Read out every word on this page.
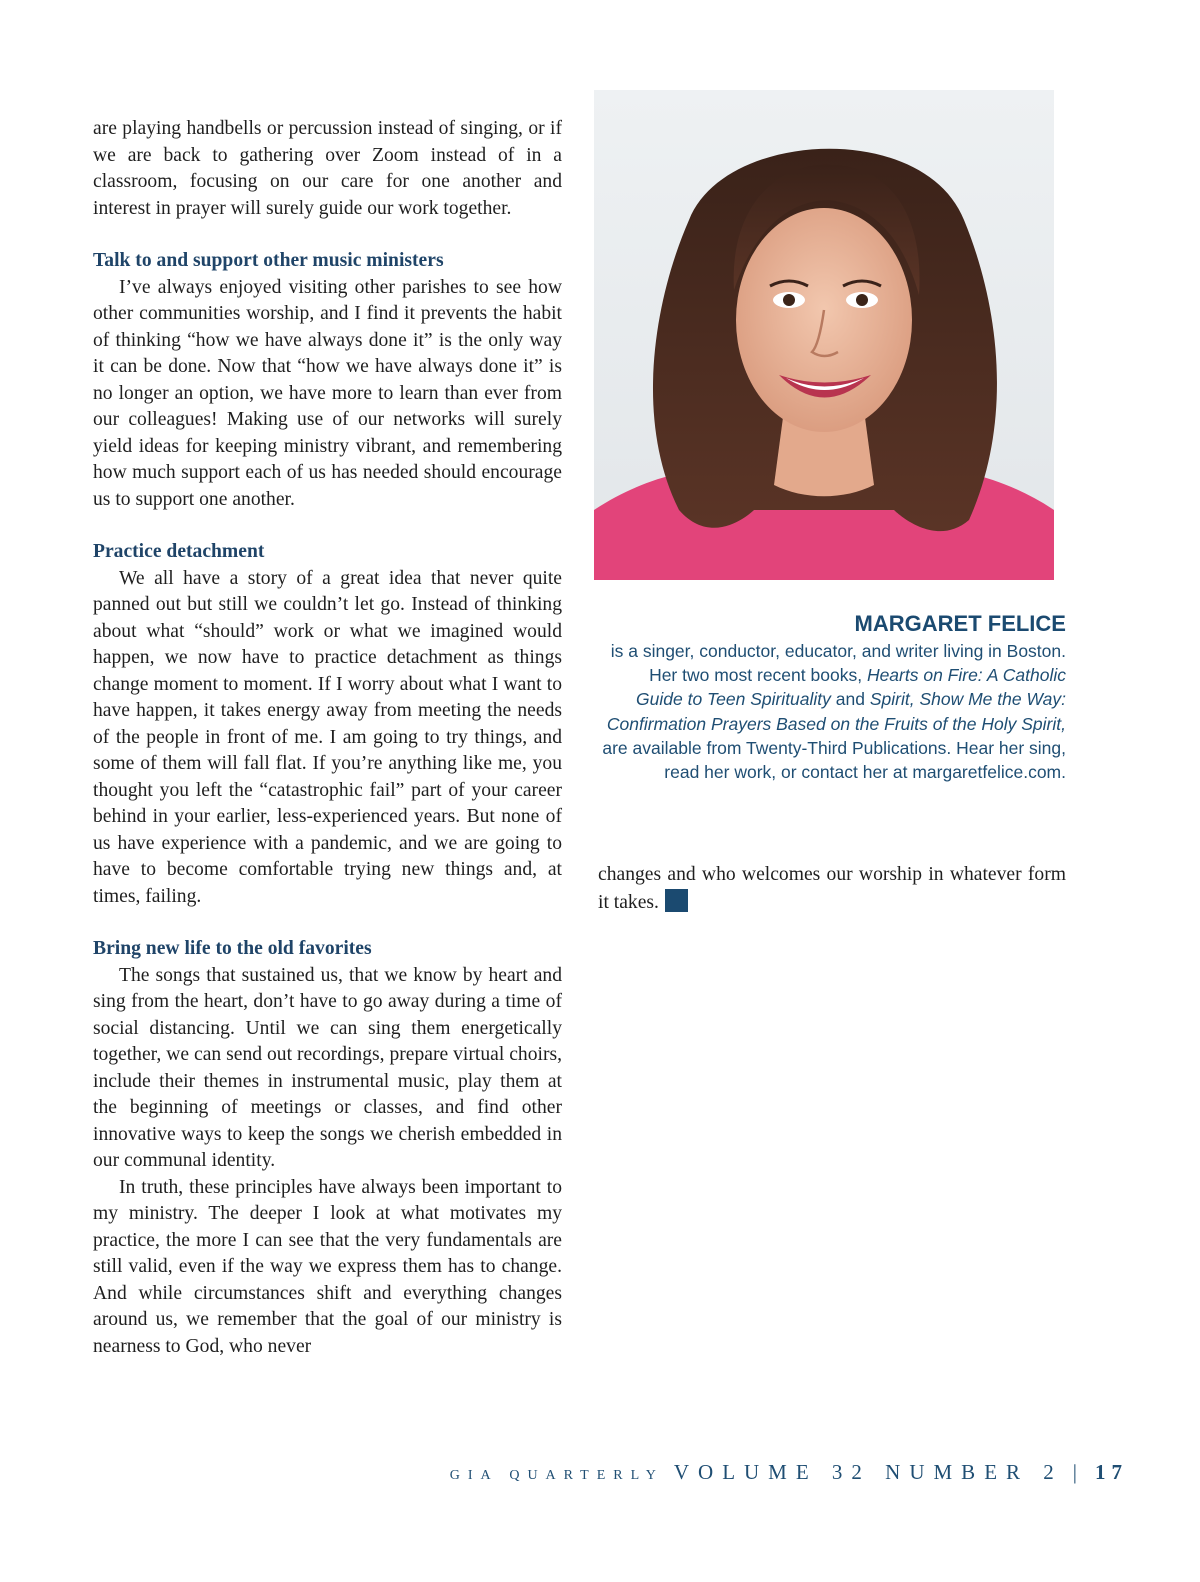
are playing handbells or percussion instead of singing, or if we are back to gathering over Zoom instead of in a classroom, focusing on our care for one another and interest in prayer will surely guide our work together.

Talk to and support other music ministers

I’ve always enjoyed visiting other parishes to see how other communities worship, and I find it prevents the habit of thinking “how we have always done it” is the only way it can be done. Now that “how we have always done it” is no longer an option, we have more to learn than ever from our colleagues! Making use of our networks will surely yield ideas for keeping ministry vibrant, and remembering how much support each of us has needed should encourage us to support one another.

Practice detachment

We all have a story of a great idea that never quite panned out but still we couldn’t let go. Instead of thinking about what “should” work or what we imagined would happen, we now have to practice detachment as things change moment to moment. If I worry about what I want to have happen, it takes energy away from meeting the needs of the people in front of me. I am going to try things, and some of them will fall flat. If you’re anything like me, you thought you left the “catastrophic fail” part of your career behind in your earlier, less-experienced years. But none of us have experience with a pandemic, and we are going to have to become comfortable trying new things and, at times, failing.

Bring new life to the old favorites

The songs that sustained us, that we know by heart and sing from the heart, don’t have to go away during a time of social distancing. Until we can sing them energetically together, we can send out recordings, prepare virtual choirs, include their themes in instrumental music, play them at the beginning of meetings or classes, and find other innovative ways to keep the songs we cherish embedded in our communal identity.

In truth, these principles have always been important to my ministry. The deeper I look at what motivates my practice, the more I can see that the very fundamentals are still valid, even if the way we express them has to change. And while circumstances shift and everything changes around us, we remember that the goal of our ministry is nearness to God, who never

MARGARET FELICE
is a singer, conductor, educator, and writer living in Boston. Her two most recent books, Hearts on Fire: A Catholic Guide to Teen Spirituality and Spirit, Show Me the Way: Confirmation Prayers Based on the Fruits of the Holy Spirit, are available from Twenty-Third Publications. Hear her sing, read her work, or contact her at margaretfelice.com.

changes and who welcomes our worship in whatever form it takes.

GIA QUARTERLY VOLUME 32 NUMBER 2 | 17
